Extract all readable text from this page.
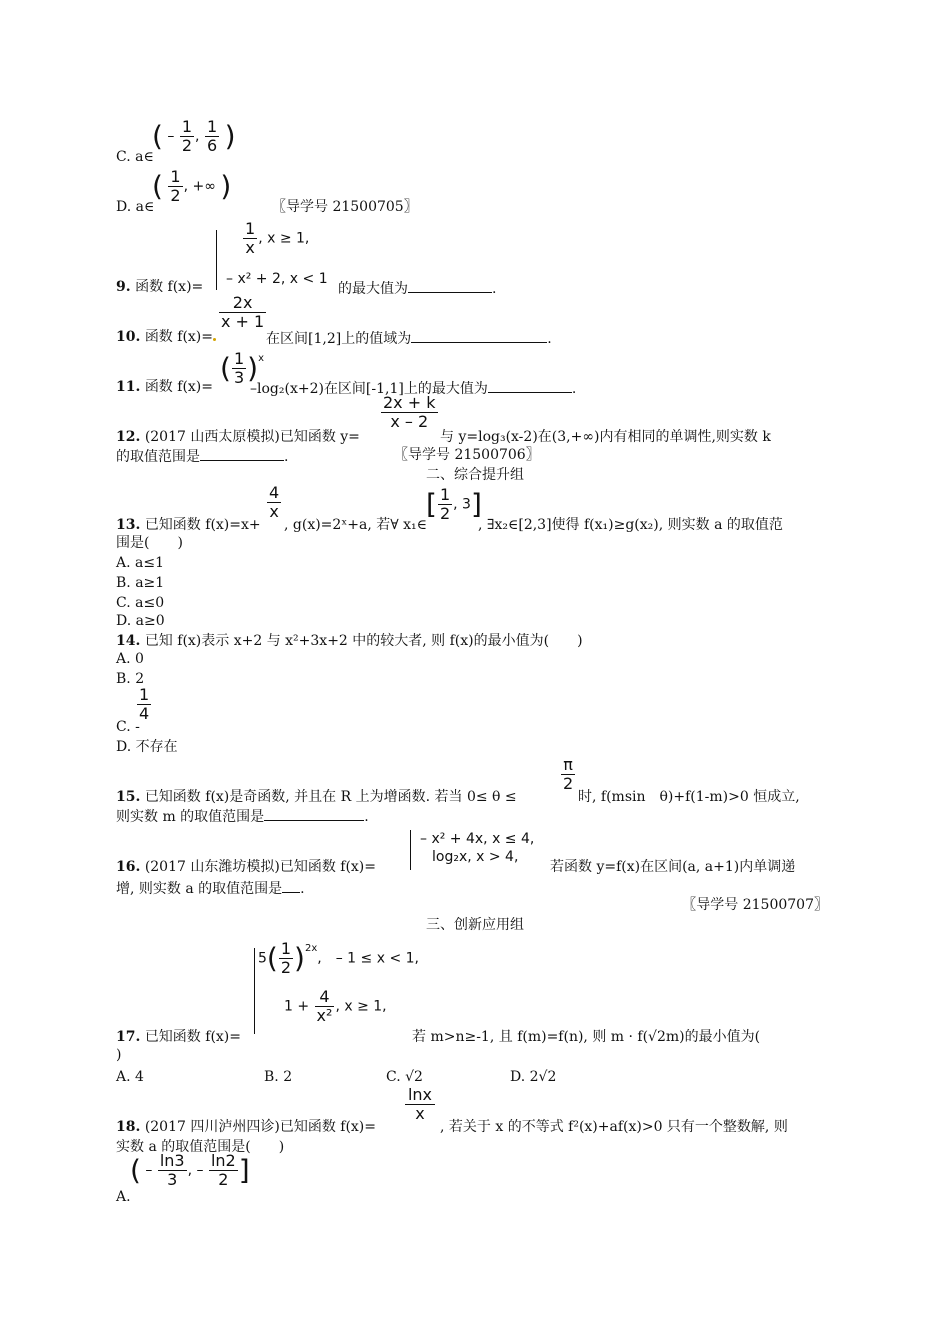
C. a∈
( – $\frac{1}{2}$ , $\frac{1}{6}$ )
D. a∈
( $\frac{1}{2}$ , +∞ )
〖导学号 21500705〗
$\frac{1}{x}$ , x ≥ 1,
– x² + 2, x < 1
9. 函数 f(x)=	的最大值为	.
10. 函数 f(x)=
$\frac{2x}{x + 1}$
在区间[1,2]上的值域为	.
11. 函数 f(x)=
( $\frac{1}{3} )^x$
–log₂(x+2)在区间[-1,1]上的最大值为	.
12. (2017 山西太原模拟)已知函数 y=
$\frac{2x + k}{x - 2}$
与 y=log₃(x-2)在(3,+∞)内有相同的单调性,则实数 k
的取值范围是	.	〖导学号 21500706〗
二、综合提升组
13. 已知函数 f(x)=x+
$\frac{4}{x}$
, g(x)=2ˣ+a, 若∀ x₁∈
[ $\frac{1}{2}$ , 3]
, ∃x₂∈[2,3]使得 f(x₁)≥g(x₂), 则实数 a 的取值范
围是(　　)
A. a≤1
B. a≥1
C. a≤0
D. a≥0
14. 已知 f(x)表示 x+2 与 x²+3x+2 中的较大者, 则 f(x)的最小值为(　　)
A. 0
B. 2
C. -
$\frac{1}{4}$
D. 不存在
15. 已知函数 f(x)是奇函数, 并且在 R 上为增函数. 若当 0≤ θ ≤
$\frac{\pi}{2}$
时, f(msin　θ)+f(1-m)>0 恒成立,
则实数 m 的取值范围是	.
– x² + 4x, x ≤ 4,
log₂x, x > 4,
16. (2017 山东潍坊模拟)已知函数 f(x)=	若函数 y=f(x)在区间(a, a+1)内单调递
增, 则实数 a 的取值范围是 .
〖导学号 21500707〗
三、创新应用组
$5( \frac{1}{2} )^{2x}$,　– 1 ≤ x < 1,
$1 + \frac{4}{\text{x²}}$ , x ≥ 1,
17. 已知函数 f(x)=	若 m>n≥-1, 且 f(m)=f(n), 则 m · f(√2m)的最小值为(
)
A. 4	B. 2	C. √2	D. 2√2
18. (2017 四川泸州四诊)已知函数 f(x)=
$\frac{\ln x}{x}$
, 若关于 x 的不等式 f²(x)+af(x)>0 只有一个整数解, 则
实数 a 的取值范围是(　　)
A.
( – $\frac{\ln 3}{3}$ , – $\frac{\ln 2}{2}$ ]
